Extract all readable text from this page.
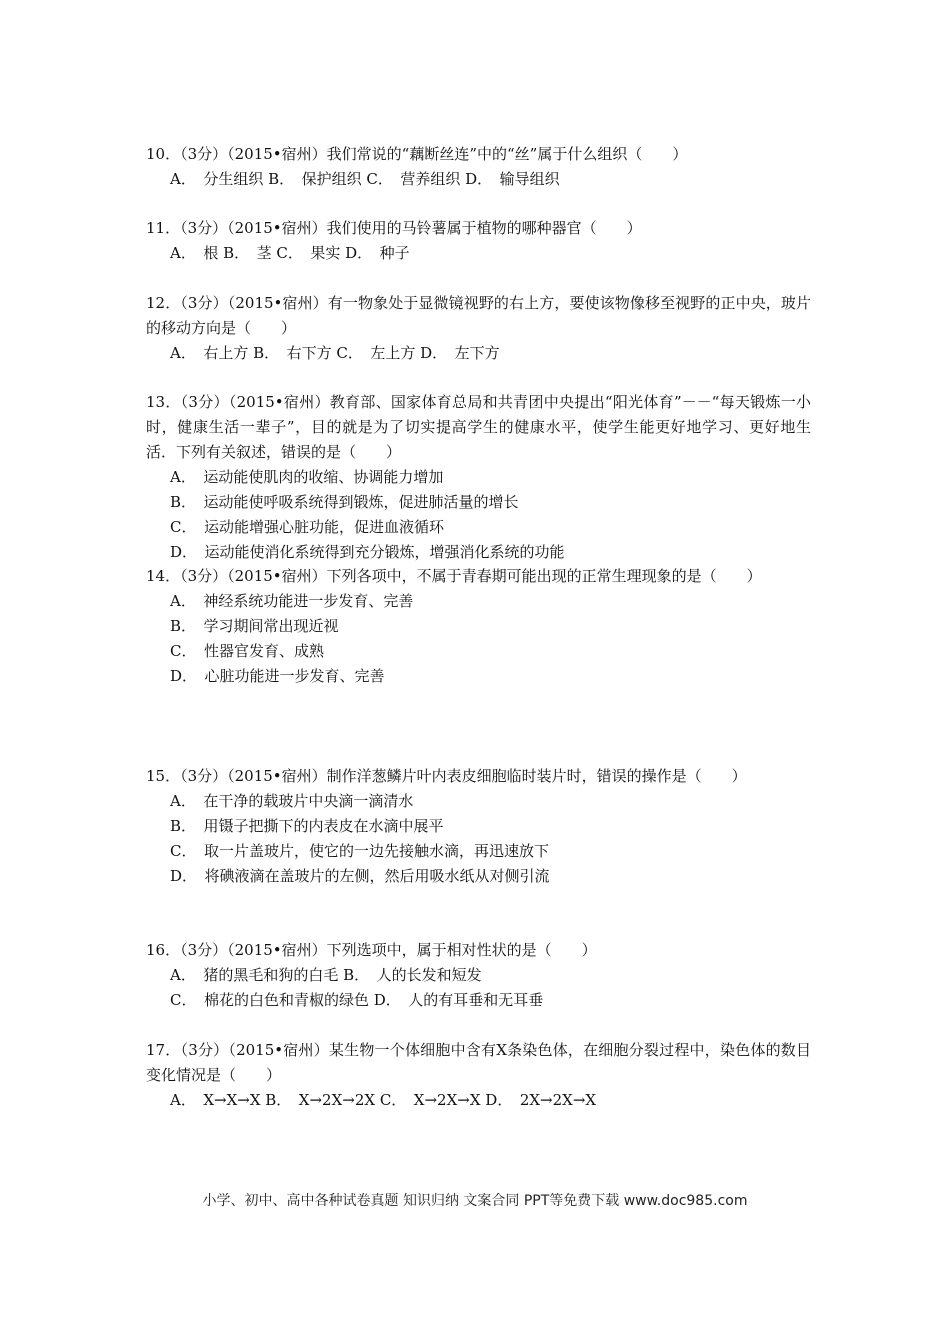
10．（3分）（2015•宿州）我们常说的“藕断丝连”中的“丝”属于什么组织（　　）

A．　分生组织 B．　保护组织 C．　营养组织 D．　输导组织

11．（3分）（2015•宿州）我们使用的马铃薯属于植物的哪种器官（　　）

A．　根 B．　茎 C．　果实 D．　种子

12．（3分）（2015•宿州）有一物象处于显微镜视野的右上方，要使该物像移至视野的正中央，玻片的移动方向是（　　）

A．　右上方 B．　右下方 C．　左上方 D．　左下方

13．（3分）（2015•宿州）教育部、国家体育总局和共青团中央提出“阳光体育”－－“每天锻炼一小时，健康生活一辈子”，目的就是为了切实提高学生的健康水平，使学生能更好地学习、更好地生活．下列有关叙述，错误的是（　　）

A．　运动能使肌肉的收缩、协调能力增加

B．　运动能使呼吸系统得到锻炼，促进肺活量的增长

C．　运动能增强心脏功能，促进血液循环

D．　运动能使消化系统得到充分锻炼，增强消化系统的功能

14．（3分）（2015•宿州）下列各项中，不属于青春期可能出现的正常生理现象的是（　　）

A．　神经系统功能进一步发育、完善

B．　学习期间常出现近视

C．　性器官发育、成熟

D．　心脏功能进一步发育、完善

15．（3分）（2015•宿州）制作洋葱鳞片叶内表皮细胞临时装片时，错误的操作是（　　）

A．　在干净的载玻片中央滴一滴清水

B．　用镊子把撕下的内表皮在水滴中展平

C．　取一片盖玻片，使它的一边先接触水滴，再迅速放下

D．　将碘液滴在盖玻片的左侧，然后用吸水纸从对侧引流

16．（3分）（2015•宿州）下列选项中，属于相对性状的是（　　）

A．　猪的黑毛和狗的白毛 B．　人的长发和短发

C．　棉花的白色和青椒的绿色 D．　人的有耳垂和无耳垂

17．（3分）（2015•宿州）某生物一个体细胞中含有X条染色体，在细胞分裂过程中，染色体的数目变化情况是（　　）

A．　X→X→X B．　X→2X→2X C．　X→2X→X D．　2X→2X→X

小学、初中、高中各种试卷真题 知识归纳 文案合同 PPT等免费下载 www.doc985.com
